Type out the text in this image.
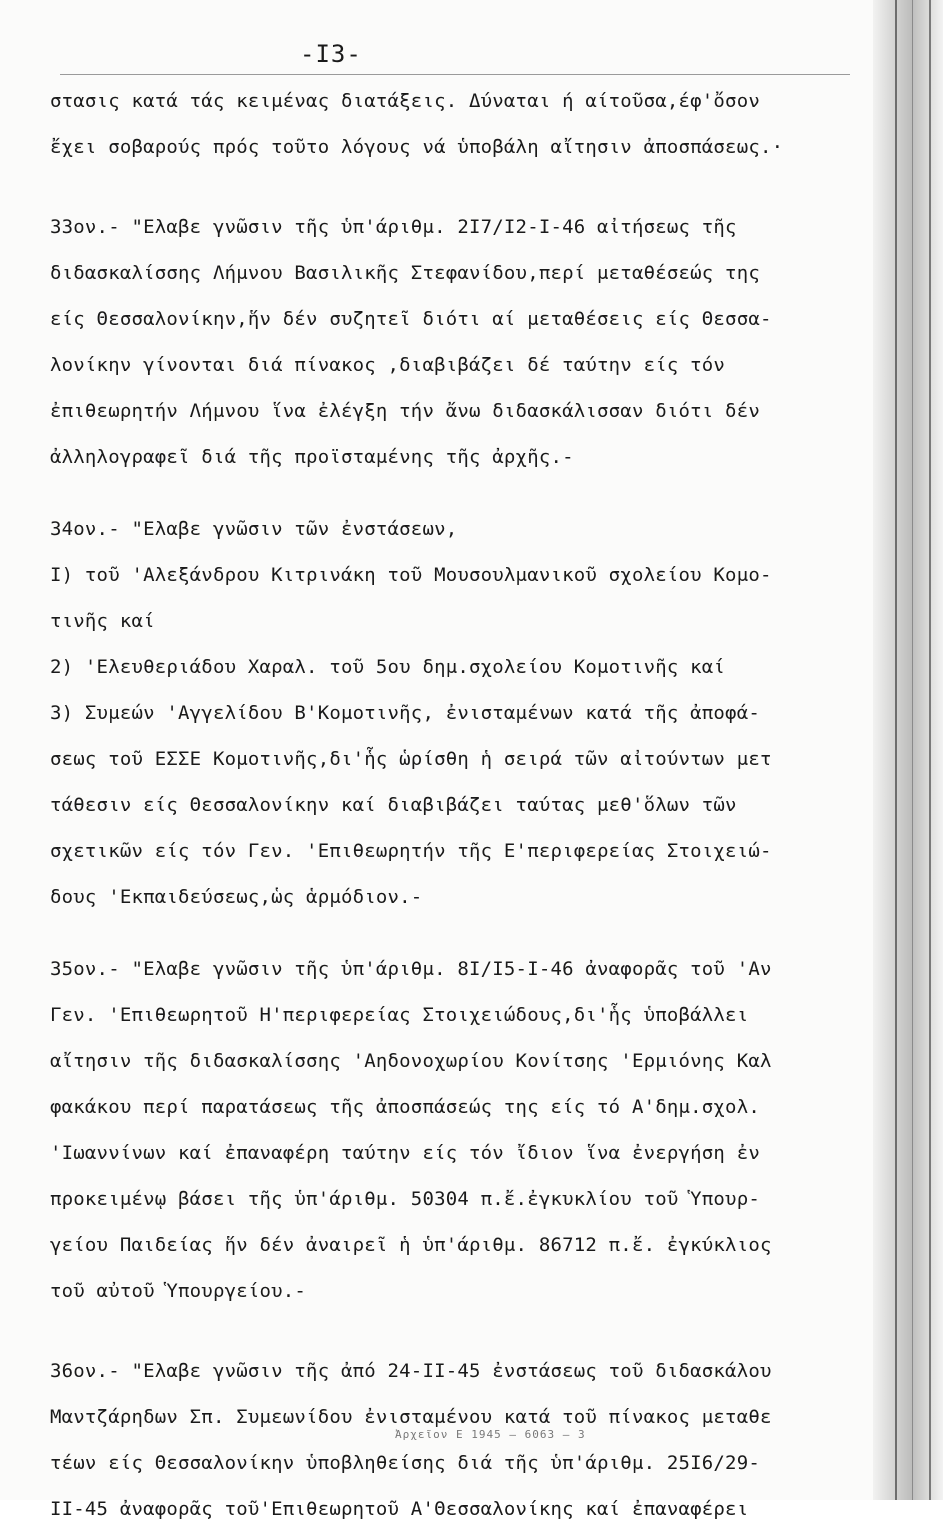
-I3-
στασις κατά τάς κειμένας διατάξεις. Δύναται ή αίτοῦσα,έφ'ὄσον
ἔχει σοβαρούς πρός τοῦτο λόγους νά ὑποβάλη αἴτησιν ἀποσπάσεως.·
33ον.- "Ελαβε γνῶσιν τῆς ὑπ'άριθμ. 2I7/I2-I-46 αἰτήσεως τῆς
διδασκαλίσσης Λήμνου Βασιλικῆς Στεφανίδου,περί μεταθέσεώς της
είς Θεσσαλονίκην,ἥν δέν συζητεῖ διότι αί μεταθέσεις είς Θεσσα-
λονίκην γίνονται διά πίνακος ,διαβιβάζει δέ ταύτην είς τόν
ἐπιθεωρητήν Λήμνου ἵνα ἐλέγξη τήν ἄνω διδασκάλισσαν διότι δέν
ἀλληλογραφεῖ διά τῆς προϊσταμένης τῆς ἀρχῆς.-
34ον.- "Ελαβε γνῶσιν τῶν ἐνστάσεων,
I) τοῦ 'Αλεξάνδρου Κιτρινάκη τοῦ Μουσουλμανικοῦ σχολείου Κομο-
τινῆς καί
2) 'Ελευθεριάδου Χαραλ. τοῦ 5ου δημ.σχολείου Κομοτινῆς καί
3) Συμεών 'Αγγελίδου Β'Κομοτινῆς, ἐνισταμένων κατά τῆς ἀποφά-
σεως τοῦ ΕΣΣΕ Κομοτινῆς,δι'ἧς ὡρίσθη ἡ σειρά τῶν αἰτούντων μετ
τάθεσιν είς Θεσσαλονίκην καί διαβιβάζει ταύτας μεθ'ὅλων τῶν
σχετικῶν είς τόν Γεν. 'Επιθεωρητήν τῆς Ε'περιφερείας Στοιχειώ-
δους 'Εκπαιδεύσεως,ὡς ἁρμόδιον.-
35ον.- "Ελαβε γνῶσιν τῆς ὑπ'άριθμ. 8I/I5-I-46 ἀναφορᾶς τοῦ 'Αν
Γεν. 'Επιθεωρητοῦ Η'περιφερείας Στοιχειώδους,δι'ἧς ὑποβάλλει
αἴτησιν τῆς διδασκαλίσσης 'Αηδονοχωρίου Κονίτσης 'Ερμιόνης Καλ
φακάκου περί παρατάσεως τῆς ἀποσπάσεώς της είς τό Α'δημ.σχολ.
'Ιωαννίνων καί ἐπαναφέρη ταύτην είς τόν ἴδιον ἵνα ἐνεργήση ἐν
προκειμένῳ βάσει τῆς ὑπ'άριθμ. 50304 π.ἔ.ἐγκυκλίου τοῦ Ὑπουρ-
γείου Παιδείας ἥν δέν ἀναιρεῖ ἡ ὑπ'άριθμ. 86712 π.ἔ. ἐγκύκλιος
τοῦ αὐτοῦ Ὑπουργείου.-
36ον.- "Ελαβε γνῶσιν τῆς ἀπό 24-II-45 ἐνστάσεως τοῦ διδασκάλου
Μαντζάρηδων Σπ. Συμεωνίδου ἐνισταμένου κατά τοῦ πίνακος μεταθε
τέων είς Θεσσαλονίκην ὑποβληθείσης διά τῆς ὑπ'άριθμ. 25I6/29-
II-45 ἀναφορᾶς τοῦ'Επιθεωρητοῦ Α'Θεσσαλονίκης καί ἐπαναφέρει
Ἀρχεῖον Ε 1945 — 6063 — 3
